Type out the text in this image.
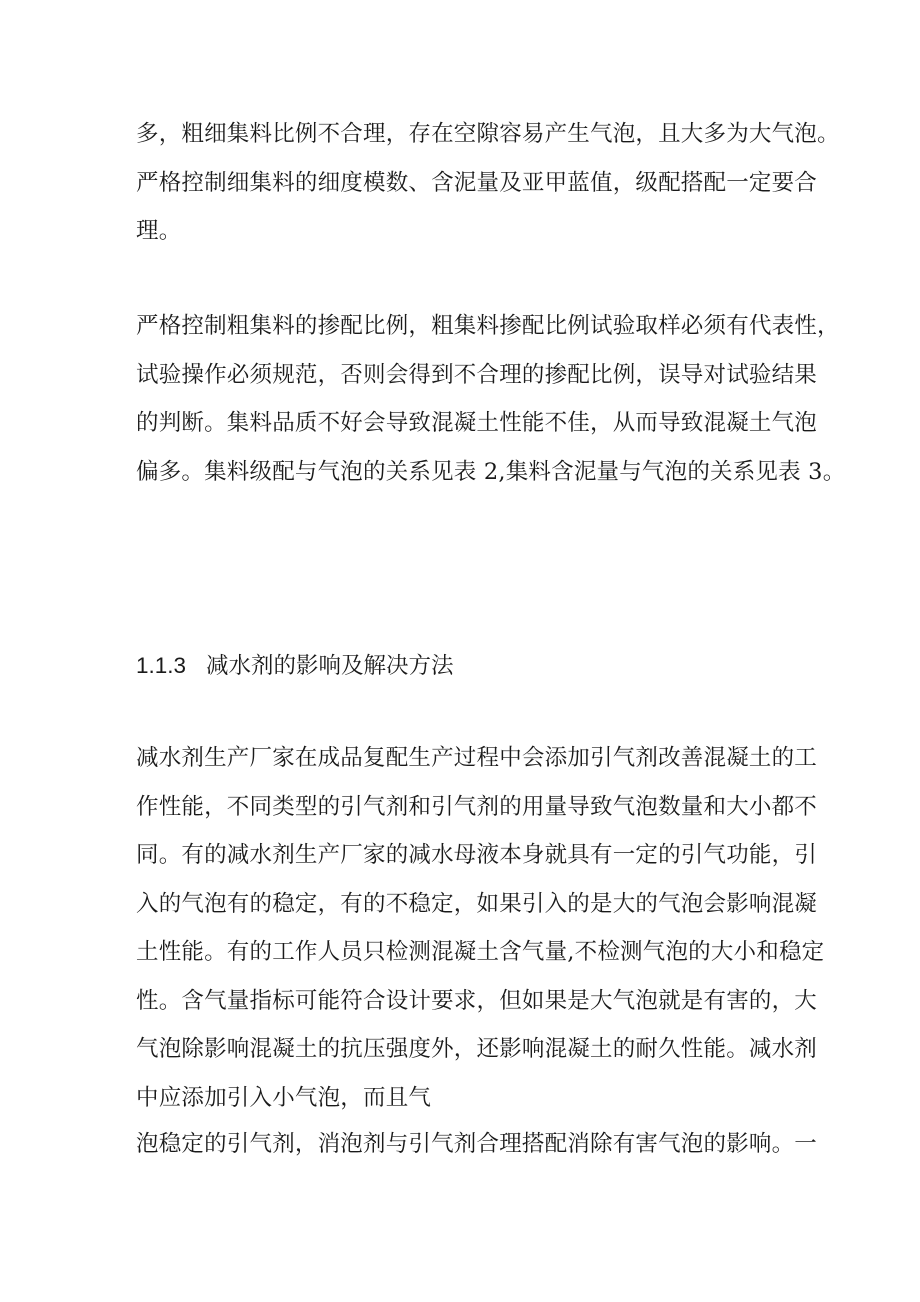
多，粗细集料比例不合理，存在空隙容易产生气泡，且大多为大气泡。
严格控制细集料的细度模数、含泥量及亚甲蓝值，级配搭配一定要合
理。

严格控制粗集料的掺配比例，粗集料掺配比例试验取样必须有代表性，
试验操作必须规范，否则会得到不合理的掺配比例，误导对试验结果
的判断。集料品质不好会导致混凝土性能不佳，从而导致混凝土气泡
偏多。集料级配与气泡的关系见表 2,集料含泥量与气泡的关系见表 3。

1.1.3 减水剂的影响及解决方法

减水剂生产厂家在成品复配生产过程中会添加引气剂改善混凝土的工
作性能，不同类型的引气剂和引气剂的用量导致气泡数量和大小都不
同。有的减水剂生产厂家的减水母液本身就具有一定的引气功能，引
入的气泡有的稳定，有的不稳定，如果引入的是大的气泡会影响混凝
土性能。有的工作人员只检测混凝土含气量,不检测气泡的大小和稳定
性。含气量指标可能符合设计要求，但如果是大气泡就是有害的，大
气泡除影响混凝土的抗压强度外，还影响混凝土的耐久性能。减水剂
中应添加引入小气泡，而且气

泡稳定的引气剂，消泡剂与引气剂合理搭配消除有害气泡的影响。一
